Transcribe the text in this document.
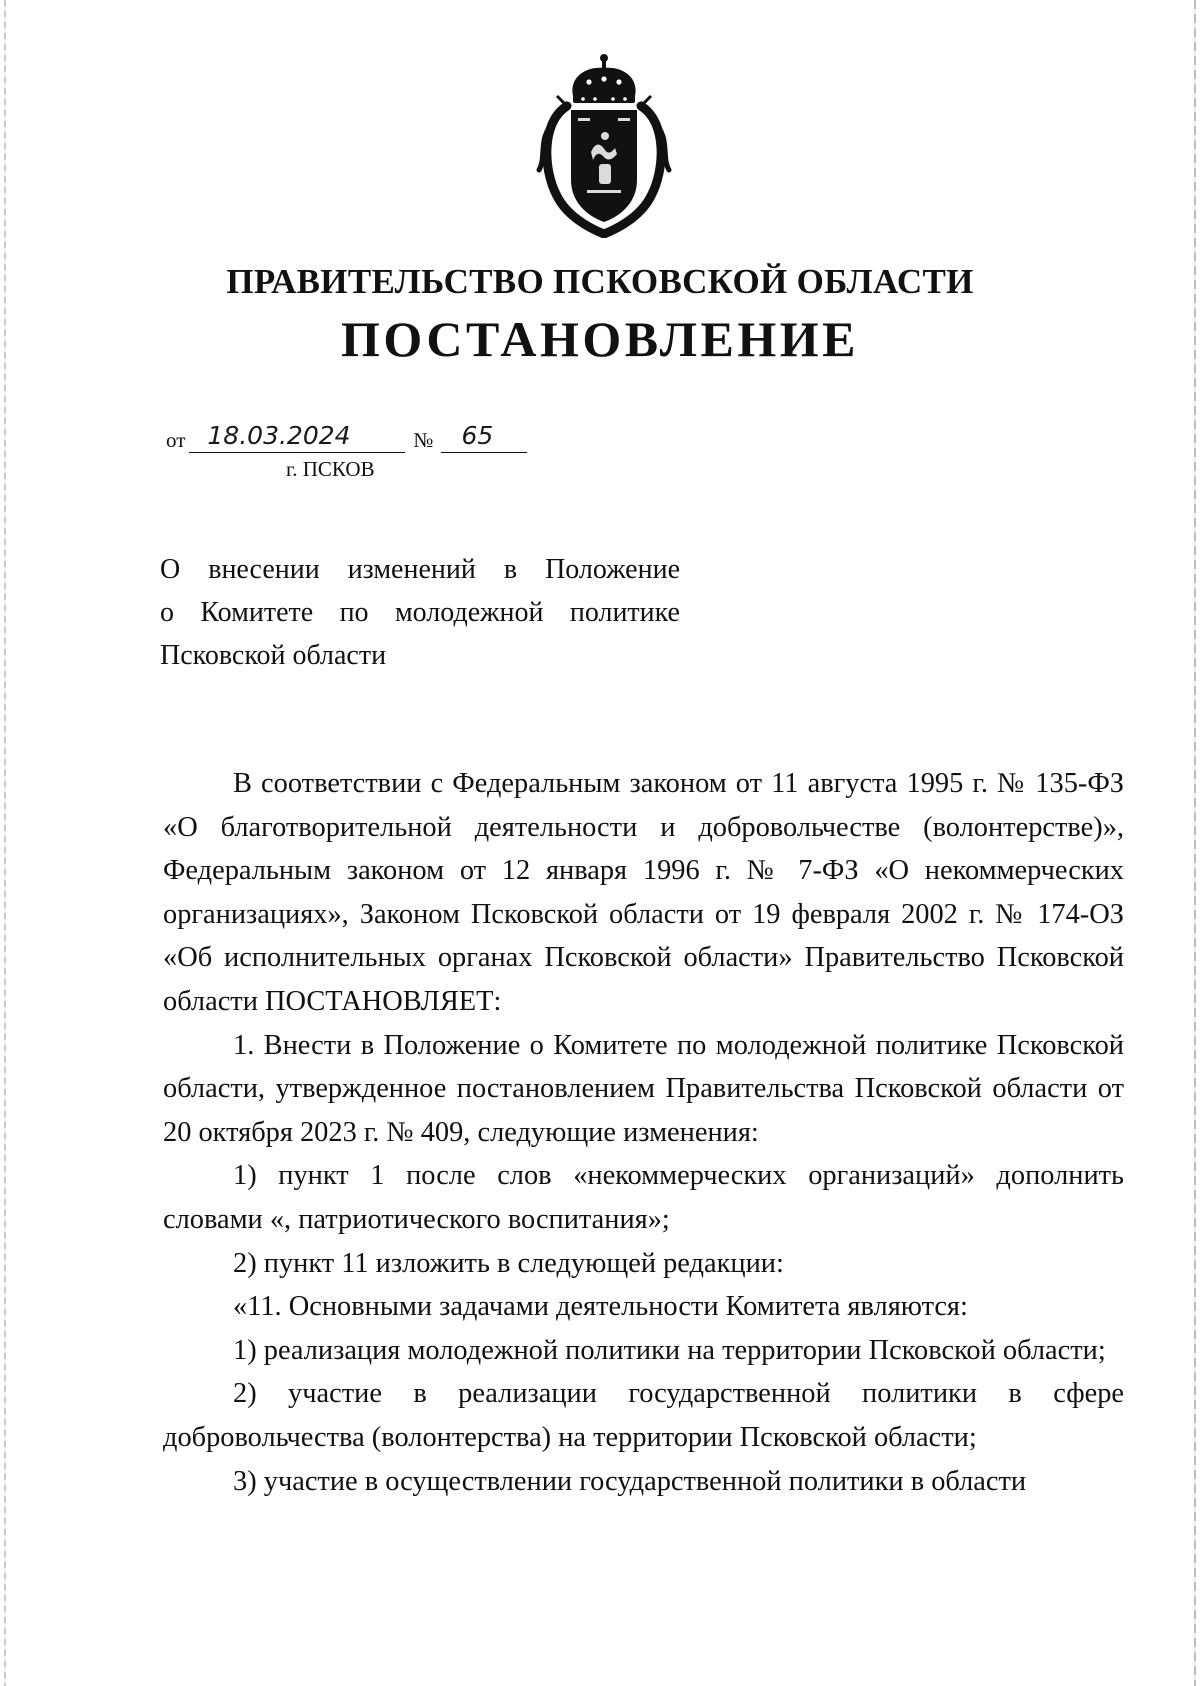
ПРАВИТЕЛЬСТВО ПСКОВСКОЙ ОБЛАСТИ
ПОСТАНОВЛЕНИЕ
от 18.03.2024	№ 65
г. ПСКОВ
О внесении изменений в Положение
о Комитете по молодежной политике
Псковской области

В соответствии с Федеральным законом от 11 августа 1995 г. № 135-ФЗ «О благотворительной деятельности и добровольчестве (волонтерстве)», Федеральным законом от 12 января 1996 г. № 7-ФЗ «О некоммерческих организациях», Законом Псковской области от 19 февраля 2002 г. № 174-ОЗ «Об исполнительных органах Псковской области» Правительство Псковской области ПОСТАНОВЛЯЕТ:

1. Внести в Положение о Комитете по молодежной политике Псковской области, утвержденное постановлением Правительства Псковской области от 20 октября 2023 г. № 409, следующие изменения:

1) пункт 1 после слов «некоммерческих организаций» дополнить словами «, патриотического воспитания»;

2) пункт 11 изложить в следующей редакции:

«11. Основными задачами деятельности Комитета являются:

1) реализация молодежной политики на территории Псковской области;

2) участие в реализации государственной политики в сфере добровольчества (волонтерства) на территории Псковской области;

3) участие в осуществлении государственной политики в области
